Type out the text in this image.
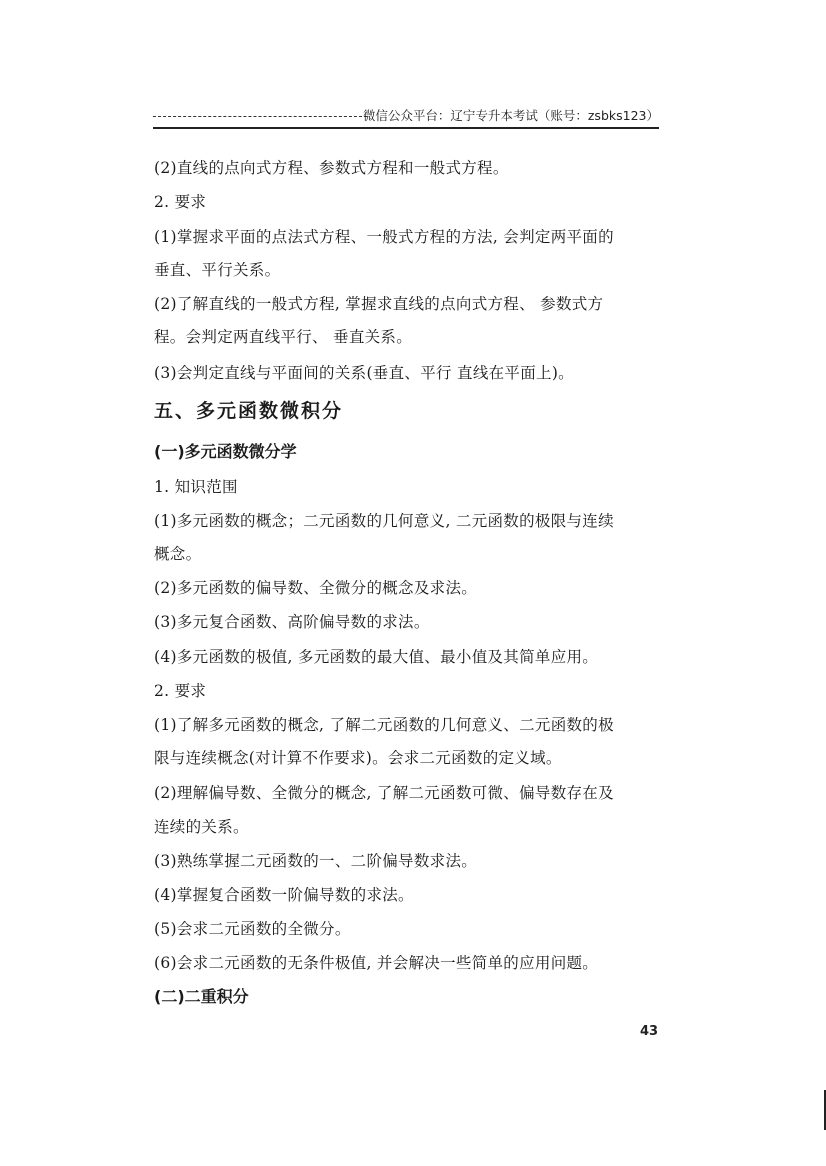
微信公众平台：辽宁专升本考试（账号：zsbks123）
(2)直线的点向式方程、参数式方程和一般式方程。
2. 要求
(1)掌握求平面的点法式方程、一般式方程的方法, 会判定两平面的
垂直、平行关系。
(2)了解直线的一般式方程, 掌握求直线的点向式方程、 参数式方
程。会判定两直线平行、 垂直关系。
(3)会判定直线与平面间的关系(垂直、平行 直线在平面上)。
五、多元函数微积分
(一)多元函数微分学
1. 知识范围
(1)多元函数的概念；二元函数的几何意义, 二元函数的极限与连续
概念。
(2)多元函数的偏导数、全微分的概念及求法。
(3)多元复合函数、高阶偏导数的求法。
(4)多元函数的极值, 多元函数的最大值、最小值及其简单应用。
2. 要求
(1)了解多元函数的概念, 了解二元函数的几何意义、二元函数的极
限与连续概念(对计算不作要求)。会求二元函数的定义域。
(2)理解偏导数、全微分的概念, 了解二元函数可微、偏导数存在及
连续的关系。
(3)熟练掌握二元函数的一、二阶偏导数求法。
(4)掌握复合函数一阶偏导数的求法。
(5)会求二元函数的全微分。
(6)会求二元函数的无条件极值, 并会解决一些简单的应用问题。
(二)二重积分
43
